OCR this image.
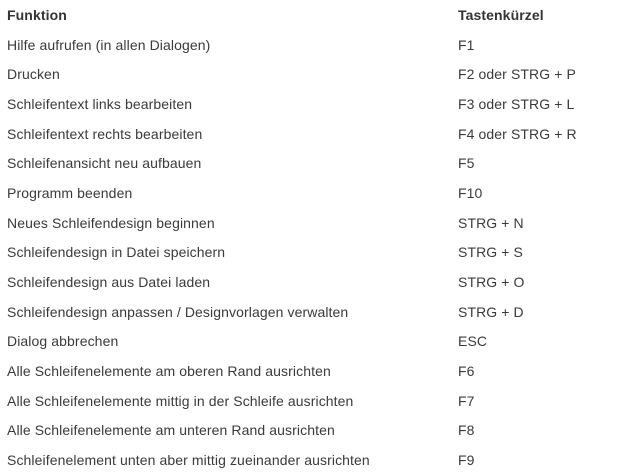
Funktion	Tastenkürzel
Hilfe aufrufen (in allen Dialogen)	F1
Drucken	F2 oder STRG + P
Schleifentext links bearbeiten	F3 oder STRG + L
Schleifentext rechts bearbeiten	F4 oder STRG + R
Schleifenansicht neu aufbauen	F5
Programm beenden	F10
Neues Schleifendesign beginnen	STRG + N
Schleifendesign in Datei speichern	STRG + S
Schleifendesign aus Datei laden	STRG + O
Schleifendesign anpassen / Designvorlagen verwalten	STRG + D
Dialog abbrechen	ESC
Alle Schleifenelemente am oberen Rand ausrichten	F6
Alle Schleifenelemente mittig in der Schleife ausrichten	F7
Alle Schleifenelemente am unteren Rand ausrichten	F8
Schleifenelement unten aber mittig zueinander ausrichten	F9
